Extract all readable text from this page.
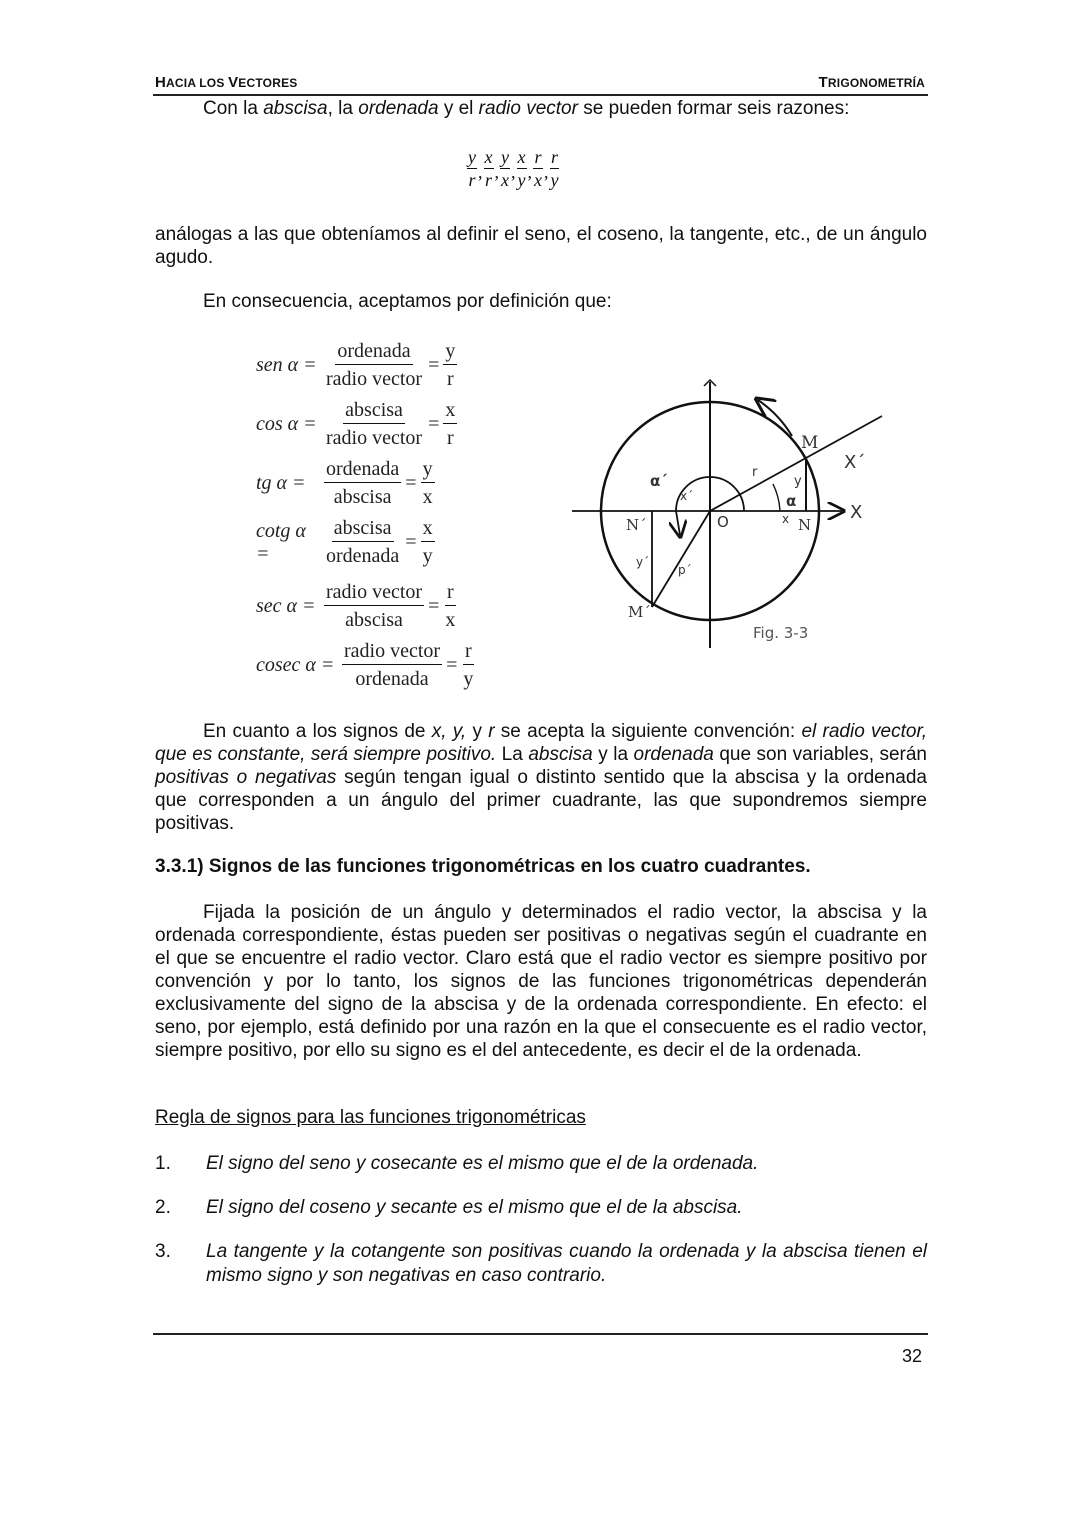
HACIA LOS VECTORES	TRIGONOMETRÍA
Con la abscisa, la ordenada y el radio vector se pueden formar seis razones:
$\frac{y}{r}$ , $\frac{x}{r}$ , $\frac{y}{x}$ , $\frac{x}{y}$ , $\frac{r}{x}$ , $\frac{r}{y}$
análogas a las que obteníamos al definir el seno, el coseno, la tangente, etc., de un ángulo agudo.
En consecuencia, aceptamos por definición que:
sen $\alpha = \frac{\text{ordenada}}{\text{radio vector}} = \frac{y}{r}$
$\cos \alpha = \frac{\text{abscisa}}{\text{radio vector}} = \frac{x}{r}$
tg $\alpha = \frac{\text{ordenada}}{\text{abscisa}} = \frac{y}{x}$
cotg α =	$\frac{\text{abscisa}}{\text{ordenada}} = \frac{x}{y}$
$\sec \alpha = \frac{\text{radio vector}}{\text{abscisa}} = \frac{r}{x}$
cosec $\alpha = \frac{\text{radio vector}}{\text{ordenada}} = \frac{r}{y}$
M
X´
X
N´	N
O
M´
α
α´
x´
y´
p´
r
x
y
Fig. 3-3
En cuanto a los signos de x, y, y r se acepta la siguiente convención: el radio vector, que es constante, será siempre positivo. La abscisa y la ordenada que son variables, serán positivas o negativas según tengan igual o distinto sentido que la abscisa y la ordenada que corresponden a un ángulo del primer cuadrante, las que supondremos siempre positivas.
3.3.1) Signos de las funciones trigonométricas en los cuatro cuadrantes.
Fijada la posición de un ángulo y determinados el radio vector, la abscisa y la ordenada correspondiente, éstas pueden ser positivas o negativas según el cuadrante en el que se encuentre el radio vector. Claro está que el radio vector es siempre positivo por convención y por lo tanto, los signos de las funciones trigonométricas dependerán exclusivamente del signo de la abscisa y de la ordenada correspondiente. En efecto: el seno, por ejemplo, está definido por una razón en la que el consecuente es el radio vector, siempre positivo, por ello su signo es el del antecedente, es decir el de la ordenada.
Regla de signos para las funciones trigonométricas
1. El signo del seno y cosecante es el mismo que el de la ordenada.
2. El signo del coseno y secante es el mismo que el de la abscisa.
3. La tangente y la cotangente son positivas cuando la ordenada y la abscisa tienen el mismo signo y son negativas en caso contrario.
32
